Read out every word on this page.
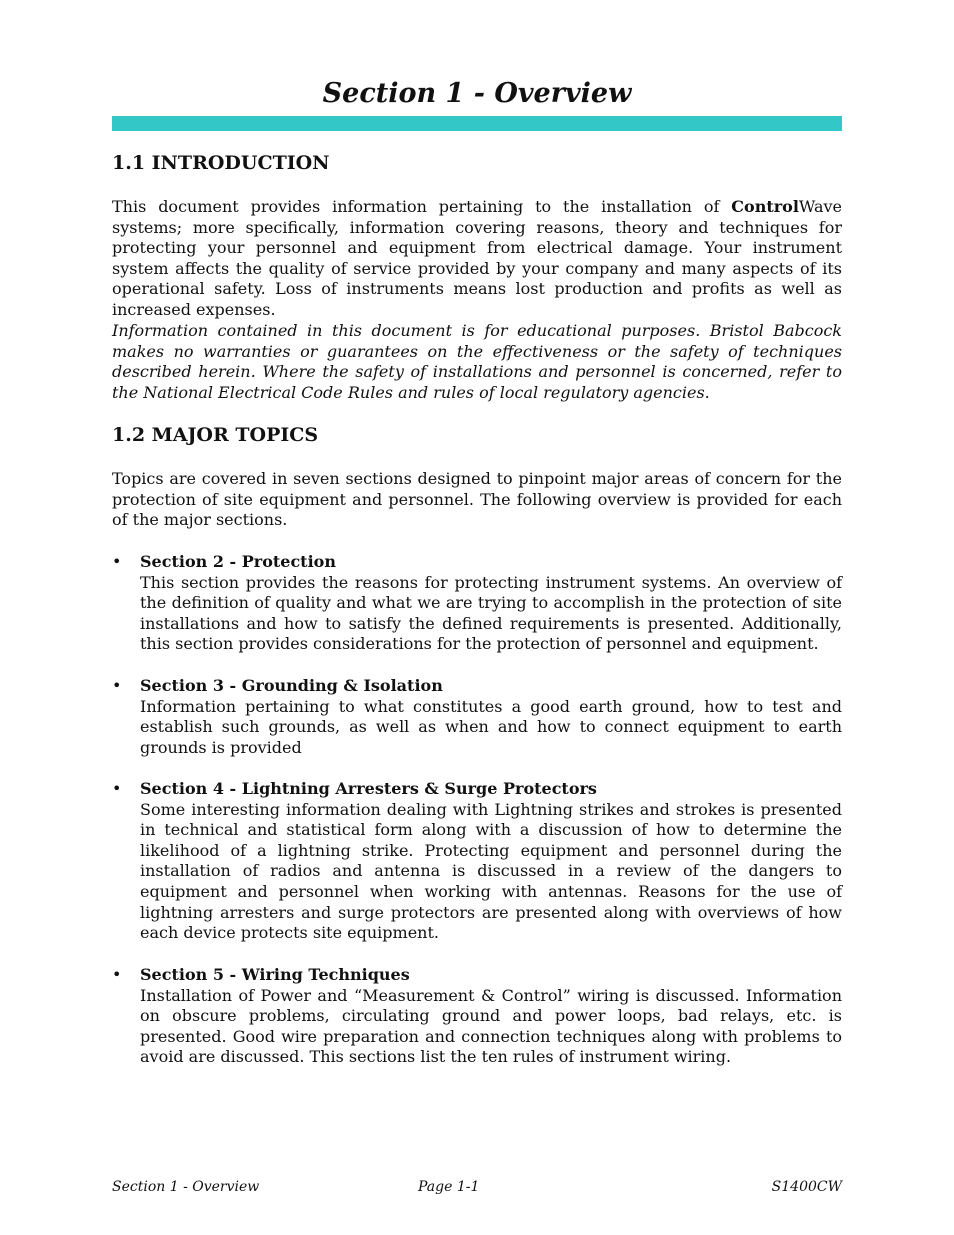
Section 1 - Overview
1.1 INTRODUCTION

This document provides information pertaining to the installation of ControlWave systems; more specifically, information covering reasons, theory and techniques for protecting your personnel and equipment from electrical damage. Your instrument system affects the quality of service provided by your company and many aspects of its operational safety. Loss of instruments means lost production and profits as well as increased expenses.

Information contained in this document is for educational purposes. Bristol Babcock makes no warranties or guarantees on the effectiveness or the safety of techniques described herein. Where the safety of installations and personnel is concerned, refer to the National Electrical Code Rules and rules of local regulatory agencies.

1.2 MAJOR TOPICS

Topics are covered in seven sections designed to pinpoint major areas of concern for the protection of site equipment and personnel. The following overview is provided for each of the major sections.

• Section 2 - Protection
This section provides the reasons for protecting instrument systems. An overview of the definition of quality and what we are trying to accomplish in the protection of site installations and how to satisfy the defined requirements is presented. Additionally, this section provides considerations for the protection of personnel and equipment.
• Section 3 - Grounding & Isolation
Information pertaining to what constitutes a good earth ground, how to test and establish such grounds, as well as when and how to connect equipment to earth grounds is provided
• Section 4 - Lightning Arresters & Surge Protectors
Some interesting information dealing with Lightning strikes and strokes is presented in technical and statistical form along with a discussion of how to determine the likelihood of a lightning strike. Protecting equipment and personnel during the installation of radios and antenna is discussed in a review of the dangers to equipment and personnel when working with antennas. Reasons for the use of lightning arresters and surge protectors are presented along with overviews of how each device protects site equipment.
• Section 5 - Wiring Techniques
Installation of Power and “Measurement & Control” wiring is discussed. Information on obscure problems, circulating ground and power loops, bad relays, etc. is presented. Good wire preparation and connection techniques along with problems to avoid are discussed. This sections list the ten rules of instrument wiring.
Section 1 - Overview	Page 1-1	S1400CW
